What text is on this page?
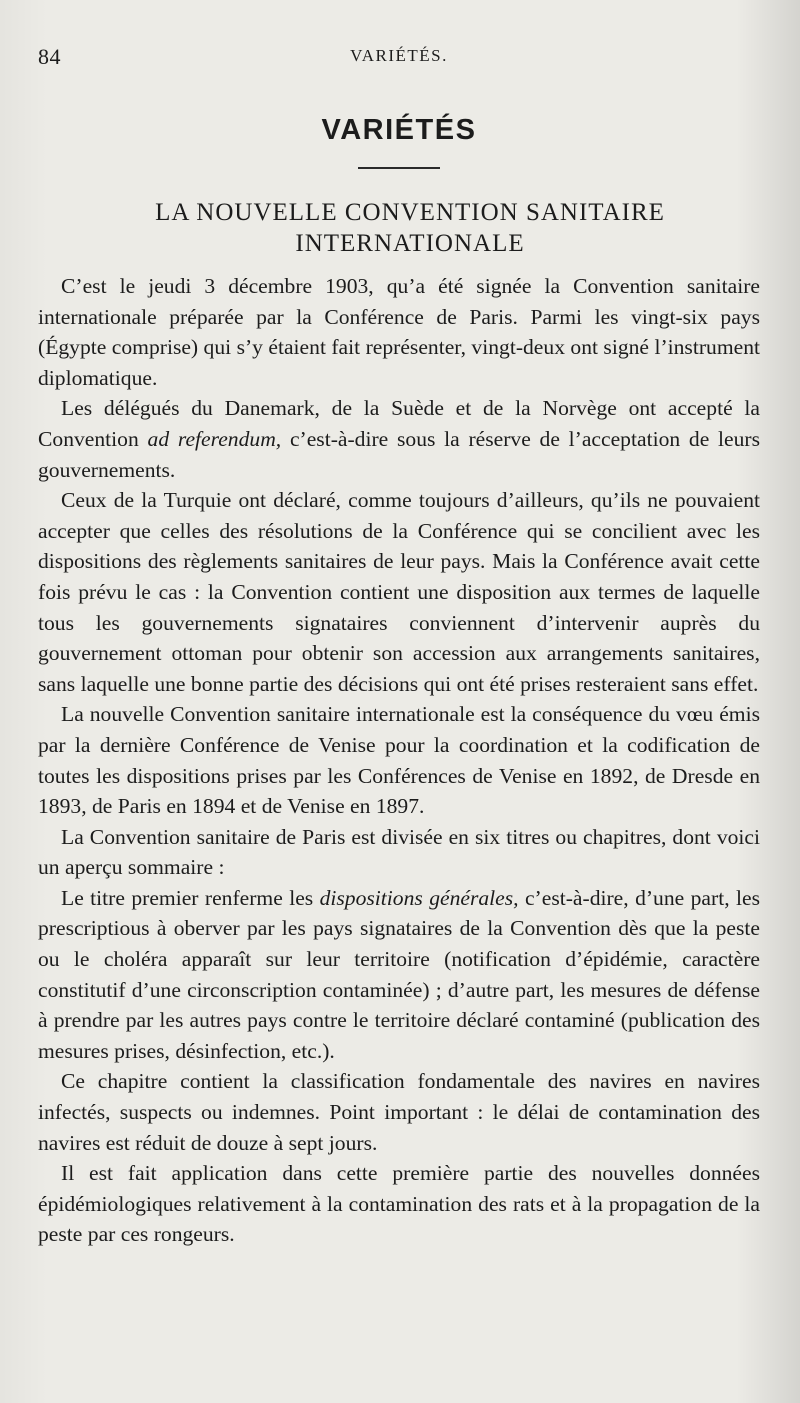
84	VARIÉTÉS.
VARIÉTÉS
LA NOUVELLE CONVENTION SANITAIRE
INTERNATIONALE

C’est le jeudi 3 décembre 1903, qu’a été signée la Convention sanitaire internationale préparée par la Conférence de Paris. Parmi les vingt-six pays (Égypte comprise) qui s’y étaient fait représenter, vingt-deux ont signé l’instrument diplomatique.

Les délégués du Danemark, de la Suède et de la Norvège ont accepté la Convention ad referendum, c’est-à-dire sous la réserve de l’acceptation de leurs gouvernements.

Ceux de la Turquie ont déclaré, comme toujours d’ailleurs, qu’ils ne pouvaient accepter que celles des résolutions de la Conférence qui se concilient avec les dispositions des règlements sanitaires de leur pays. Mais la Conférence avait cette fois prévu le cas : la Convention contient une disposition aux termes de laquelle tous les gouvernements signataires conviennent d’intervenir auprès du gouvernement ottoman pour obtenir son accession aux arrangements sanitaires, sans laquelle une bonne partie des décisions qui ont été prises resteraient sans effet.

La nouvelle Convention sanitaire internationale est la conséquence du vœu émis par la dernière Conférence de Venise pour la coordination et la codification de toutes les dispositions prises par les Conférences de Venise en 1892, de Dresde en 1893, de Paris en 1894 et de Venise en 1897.

La Convention sanitaire de Paris est divisée en six titres ou chapitres, dont voici un aperçu sommaire :

Le titre premier renferme les dispositions générales, c’est-à-dire, d’une part, les prescriptious à oberver par les pays signataires de la Convention dès que la peste ou le choléra apparaît sur leur territoire (notification d’épidémie, caractère constitutif d’une circonscription contaminée) ; d’autre part, les mesures de défense à prendre par les autres pays contre le territoire déclaré contaminé (publication des mesures prises, désinfection, etc.).

Ce chapitre contient la classification fondamentale des navires en navires infectés, suspects ou indemnes. Point important : le délai de contamination des navires est réduit de douze à sept jours.

Il est fait application dans cette première partie des nouvelles données épidémiologiques relativement à la contamination des rats et à la propagation de la peste par ces rongeurs.
